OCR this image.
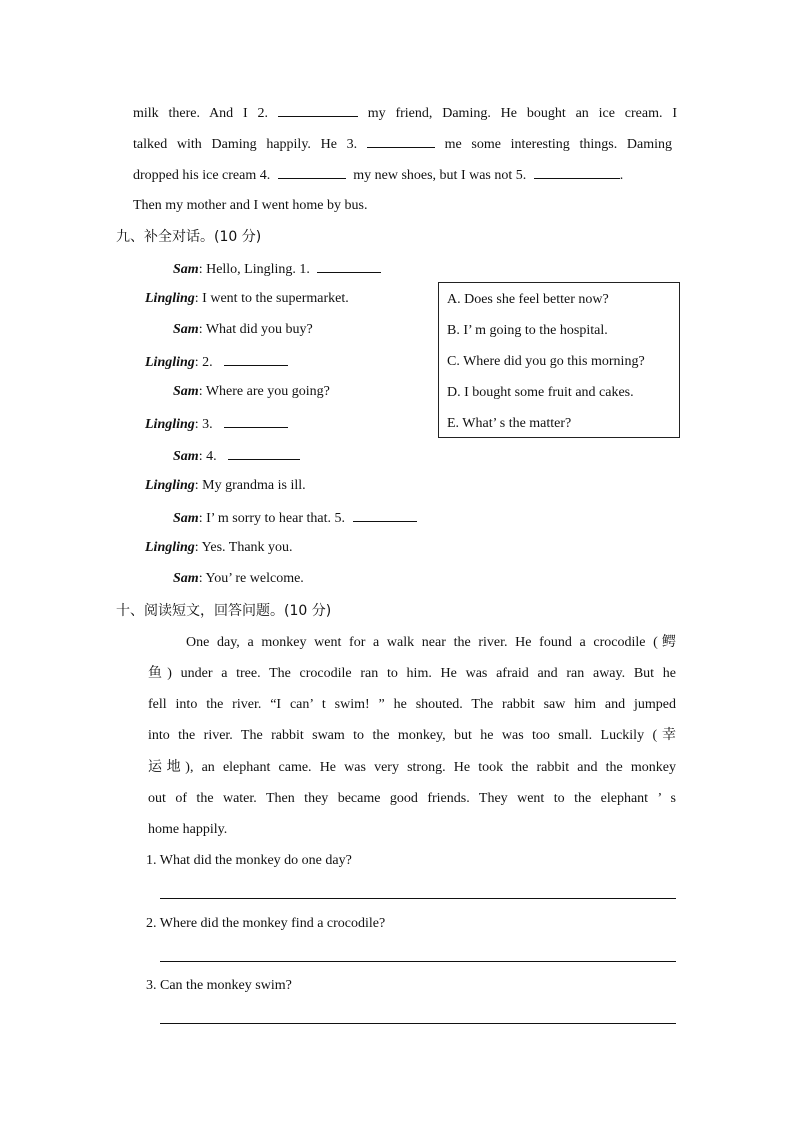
milk there. And I 2.	my friend, Daming. He bought an ice cream. I
talked with Daming happily. He 3.	me some interesting things. Daming
dropped his ice cream 4.	my new shoes, but I was not 5.	.
Then my mother and I went home by bus.
九、补全对话。(10 分)
Sam: Hello, Lingling. 1.
Lingling: I went to the supermarket.
Sam: What did you buy?
Lingling: 2.
Sam: Where are you going?
Lingling: 3.
Sam: 4.
Lingling: My grandma is ill.
Sam: I’ m sorry to hear that. 5.
Lingling: Yes. Thank you.
Sam: You’ re welcome.
A. Does she feel better now?
B. I’ m going to the hospital.
C. Where did you go this morning?
D. I bought some fruit and cakes.
E. What’ s the matter?
十、阅读短文，回答问题。(10 分)
One day, a monkey went for a walk near the river. He found a crocodile (鳄
鱼) under a tree. The crocodile ran to him. He was afraid and ran away. But he
fell into the river. “I can’ t swim! ” he shouted. The rabbit saw him and jumped
into the river. The rabbit swam to the monkey, but he was too small. Luckily (幸
运地), an elephant came. He was very strong. He took the rabbit and the monkey
out of the water. Then they became good friends. They went to the elephant ’ s
home happily.
1. What did the monkey do one day?
2. Where did the monkey find a crocodile?
3. Can the monkey swim?
